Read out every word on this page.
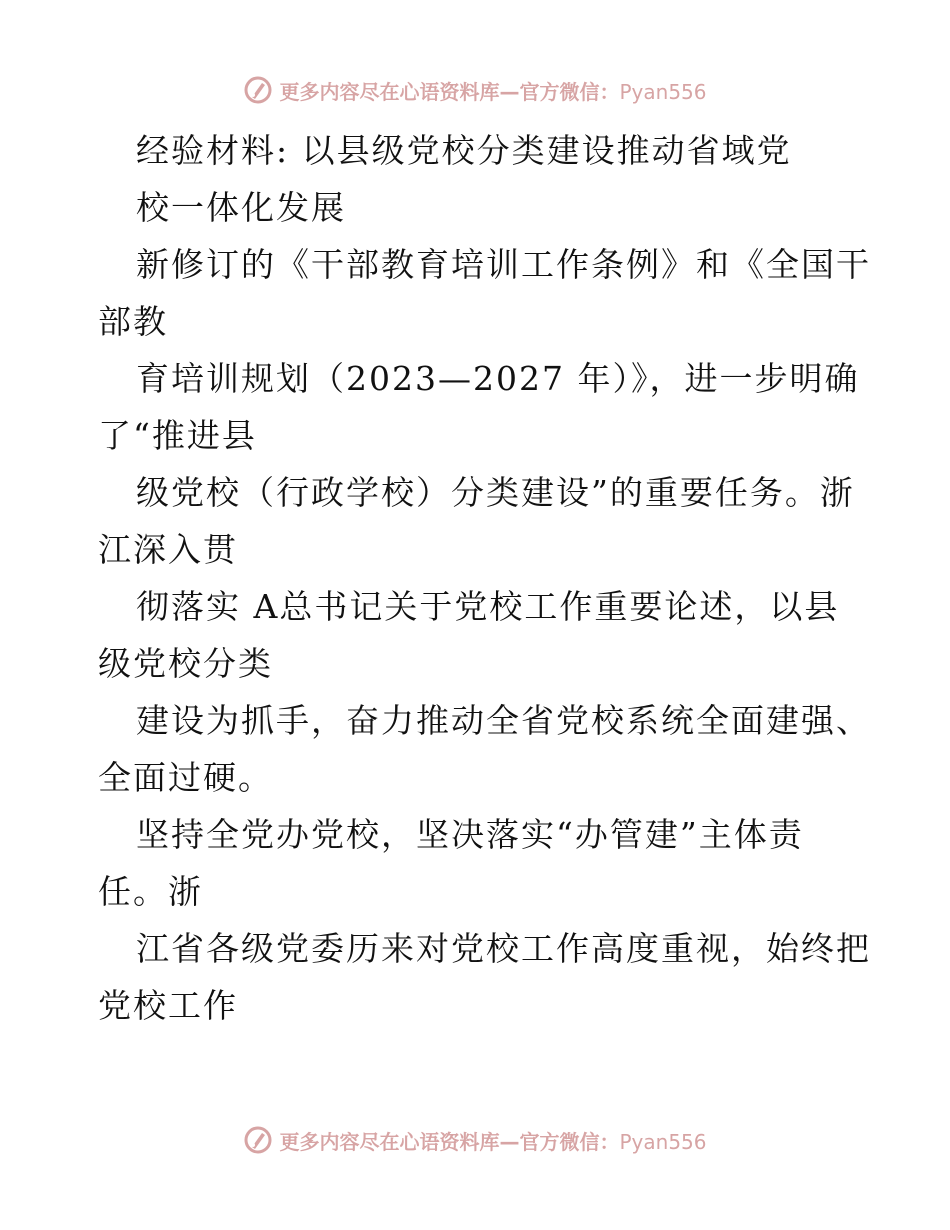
更多内容尽在心语资料库—官方微信：Pyan556

经验材料: 以县级党校分类建设推动省域党

校一体化发展

新修订的《干部教育培训工作条例》和《全国干

部教

育培训规划（2023—2027 年）》，进一步明确

了“推进县

级党校（行政学校）分类建设”的重要任务。浙

江深入贯

彻落实 A总书记关于党校工作重要论述，以县

级党校分类

建设为抓手，奋力推动全省党校系统全面建强、

全面过硬。

坚持全党办党校，坚决落实“办管建”主体责

任。浙

江省各级党委历来对党校工作高度重视，始终把

党校工作

更多内容尽在心语资料库—官方微信：Pyan556
